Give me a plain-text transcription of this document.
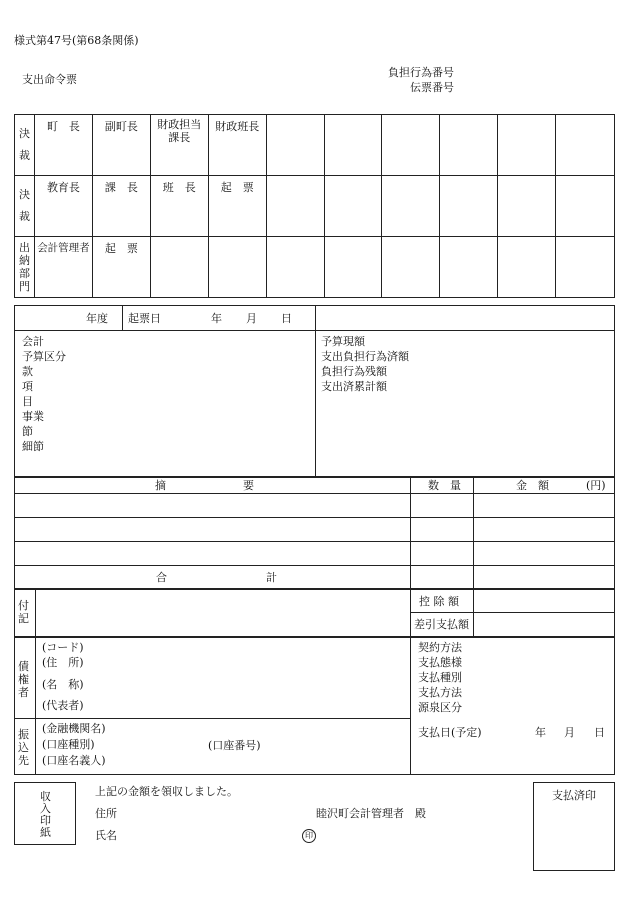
様式第47号(第68条関係)
支出命令票
負担行為番号
伝票番号
決裁	町　長	副町長	財政担当課長	財政班長						

決裁	教育長	課　長	班　長	起　票						

出納部門	会計管理者	起　票								

年度 起票日	年 月 日
会計
予算区分
款
項
目
事業
節
細節
予算現額
支出負担行為済額
負担行為残額
支出済累計額
摘　　　　　　　要	数　量	金　額	(円)
合　　　　　　　　　計
付記
控 除 額
差引支払額
債権者
(コード)
(住　所)
(名　称)
(代表者)
契約方法
支払態様
支払種別
支払方法
源泉区分
振込先
(金融機関名)
(口座種別)	(口座番号)
(口座名義人)
支払日(予定)	年 月 日
収入印紙
上記の金額を領収しました。
住所	睦沢町会計管理者　殿
氏名	印
支払済印
